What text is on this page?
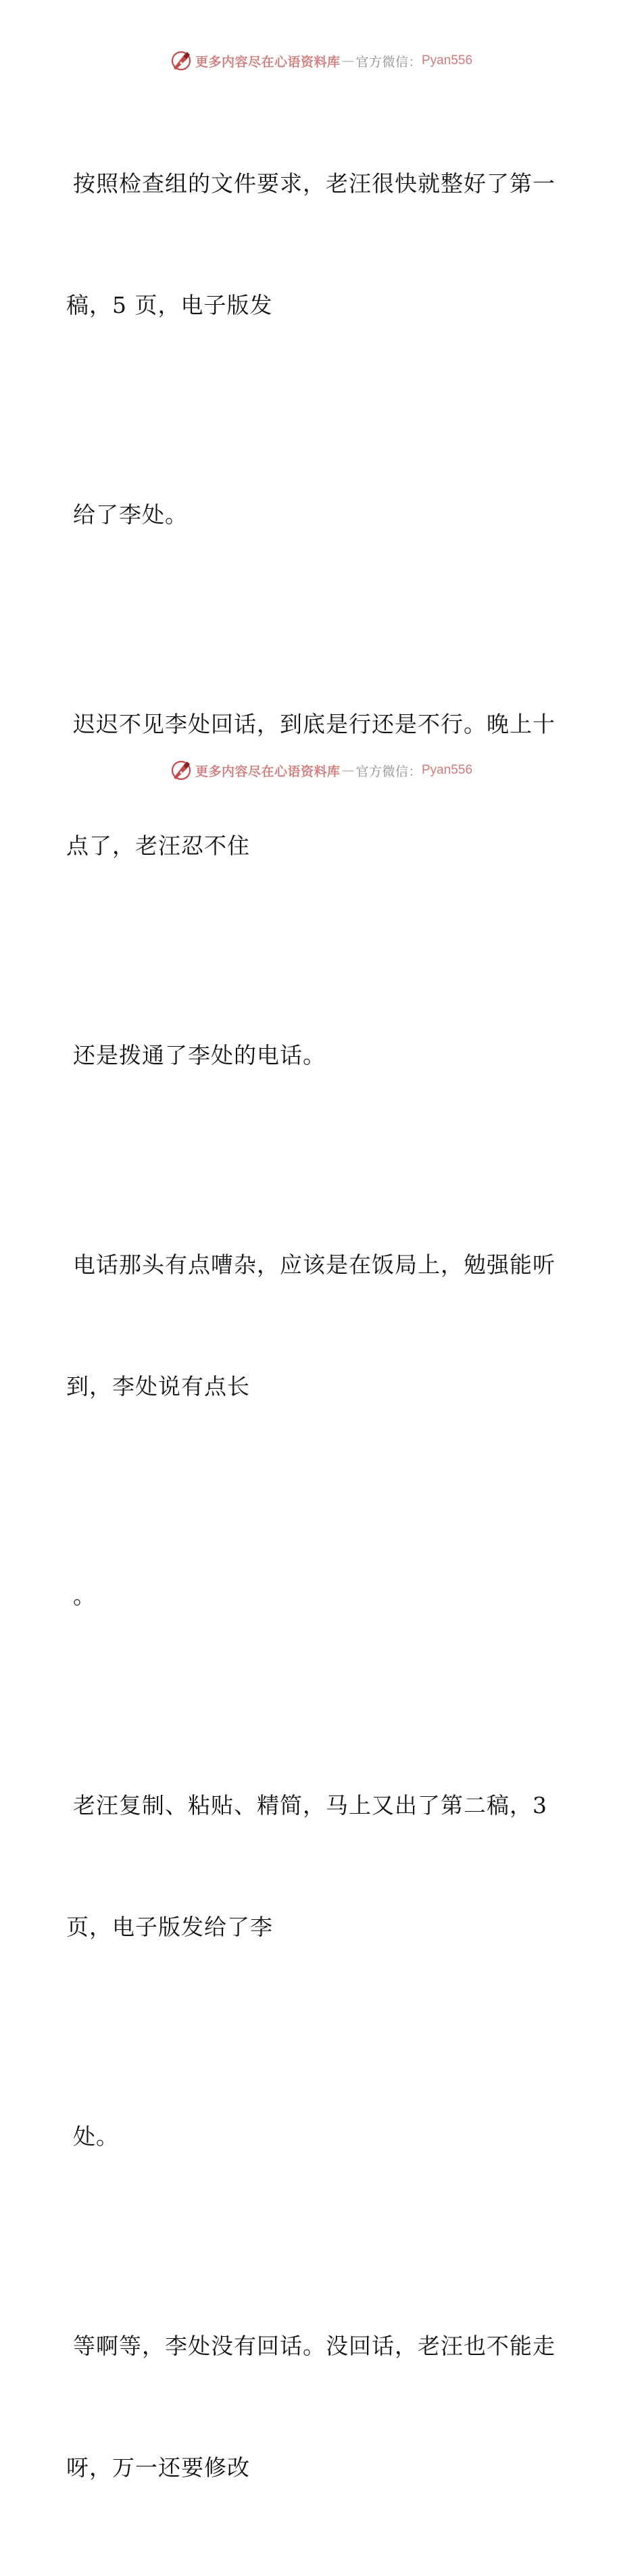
更多内容尽在心语资料库 — 官方微信： Pyan556

按照检查组的文件要求，老汪很快就整好了第一

稿，5 页，电子版发

给了李处。

迟迟不见李处回话，到底是行还是不行。晚上十

点了，老汪忍不住

还是拨通了李处的电话。

电话那头有点嘈杂，应该是在饭局上，勉强能听

到，李处说有点长

。

老汪复制、粘贴、精简，马上又出了第二稿，3

页，电子版发给了李

处。

等啊等，李处没有回话。没回话，老汪也不能走

呀，万一还要修改

更多内容尽在心语资料库 — 官方微信： Pyan556
